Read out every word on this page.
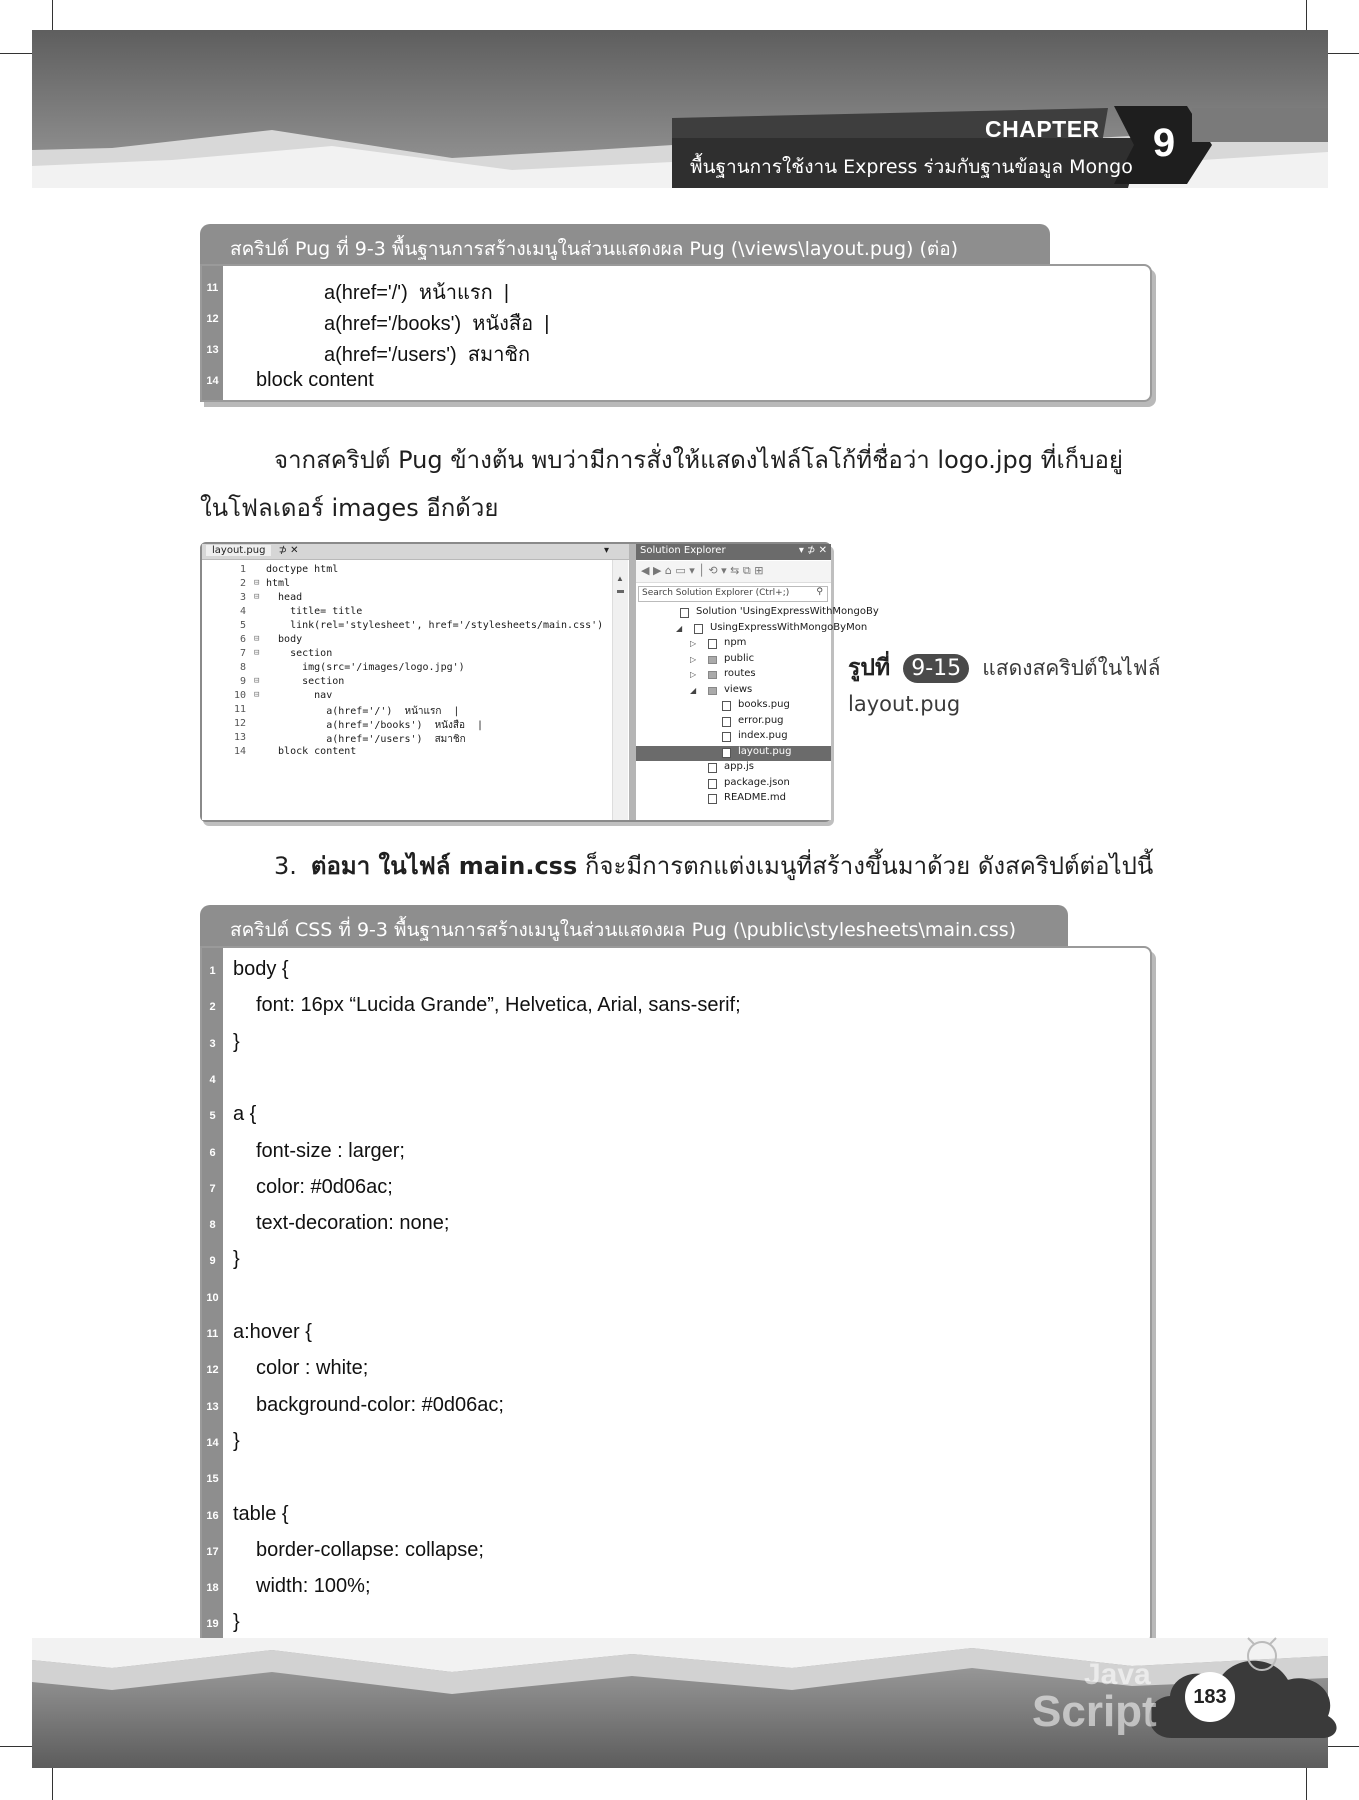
CHAPTER
พื้นฐานการใช้งาน Express ร่วมกับฐานข้อมูล Mongo
9
สคริปต์ Pug ที่ 9-3 พื้นฐานการสร้างเมนูในส่วนแสดงผล Pug (\views\layout.pug) (ต่อ)
11	a(href='/')  หน้าแรก  |
12	a(href='/books')  หนังสือ  |
13	a(href='/users')  สมาชิก
14 block content
จากสคริปต์ Pug ข้างต้น พบว่ามีการสั่งให้แสดงไฟล์โลโก้ที่ชื่อว่า logo.jpg ที่เก็บอยู่
ในโฟลเดอร์ images อีกด้วย
layout.pug ⊅ ✕	▾
1 doctype html
2 ⊟ html
3 ⊟ head
4 title= title
5 link(rel='stylesheet', href='/stylesheets/main.css')
6 ⊟ body
7 ⊟ section
8 img(src='/images/logo.jpg')
9 ⊟ section
10 ⊟ nav
11 a(href='/')  หน้าแรก  |
12 a(href='/books')  หนังสือ  |
13 a(href='/users')  สมาชิก
14 block content
▲
Solution Explorer	▾ ⊅ ✕
◀ ▶ ⌂ ▭ ▾ │ ⟲ ▾ ⇆ ⧉ ⊞
Search Solution Explorer (Ctrl+;)	⚲
Solution 'UsingExpressWithMongoBy
◢	UsingExpressWithMongoByMon
▷	npm
▷	public
▷	routes
◢	views
books.pug
error.pug
index.pug
layout.pug
app.js
package.json
README.md
รูปที่ 9-15 แสดงสคริปต์ในไฟล์
layout.pug
3. ต่อมา ในไฟล์ main.css ก็จะมีการตกแต่งเมนูที่สร้างขึ้นมาด้วย ดังสคริปต์ต่อไปนี้
สคริปต์ CSS ที่ 9-3 พื้นฐานการสร้างเมนูในส่วนแสดงผล Pug (\public\stylesheets\main.css)
1 body {
2	font: 16px “Lucida Grande”, Helvetica, Arial, sans-serif;
3 }
4
5 a {
6	font-size : larger;
7	color: #0d06ac;
8	text-decoration: none;
9 }
10
11 a:hover {
12 color : white;
13 background-color: #0d06ac;
14 }
15
16 table {
17 border-collapse: collapse;
18 width: 100%;
19 }
Java
Script	183
